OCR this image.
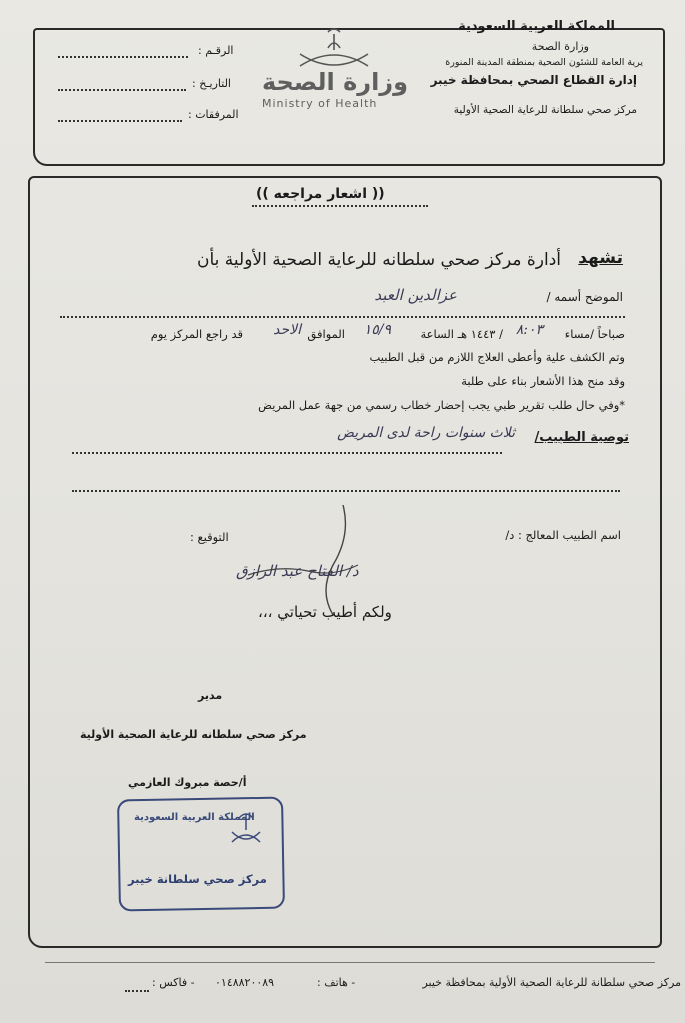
المملكة العربية السعودية
وزارة الصحة
يرية العامة للشئون الصحية بمنطقة المدينة المنورة
إدارة القطاع الصحي بمحافظة خيبر
مركز صحي سلطانة للرعاية الصحية الأولية
وزارة الصحة
Ministry of Health
الرقـم :
التاريـخ :
المرفقات :
(( اشعار مراجعه ))
تشهد
أدارة مركز صحي سلطانه للرعاية الصحية الأولية بأن
الموضح أسمه /
عزالدين العبد
صباحاً /مساء
٨:٠٣
/ ١٤٤٣ هـ الساعة
١٥/٩
الموافق
الاحد
قد راجع المركز يوم
وتم الكشف علية وأعطى العلاج اللازم من قبل الطبيب
وقد منح هذا الأشعار بناء على طلبة
*وفي حال طلب تقرير طبي يجب إحضار خطاب رسمي من جهة عمل المريض
توصية الطبيب/
ثلاث سنوات راحة لدى المريض
اسم الطبيب المعالج : د/
التوقيع :
د/ الفتاح عبد الرازق
ولكم أطيب تحياتي ،،،
مدير
مركز صحي سلطانه للرعاية الصحية الأولية
أ/حصة مبروك العازمي
المملكة العربية السعودية
مركز صحي سلطانة خيبر
مركز صحي سلطانة للرعاية الصحية الأولية بمحافظة خيبر
- هاتف :
٠١٤٨٨٢٠٠٨٩
- فاكس :
